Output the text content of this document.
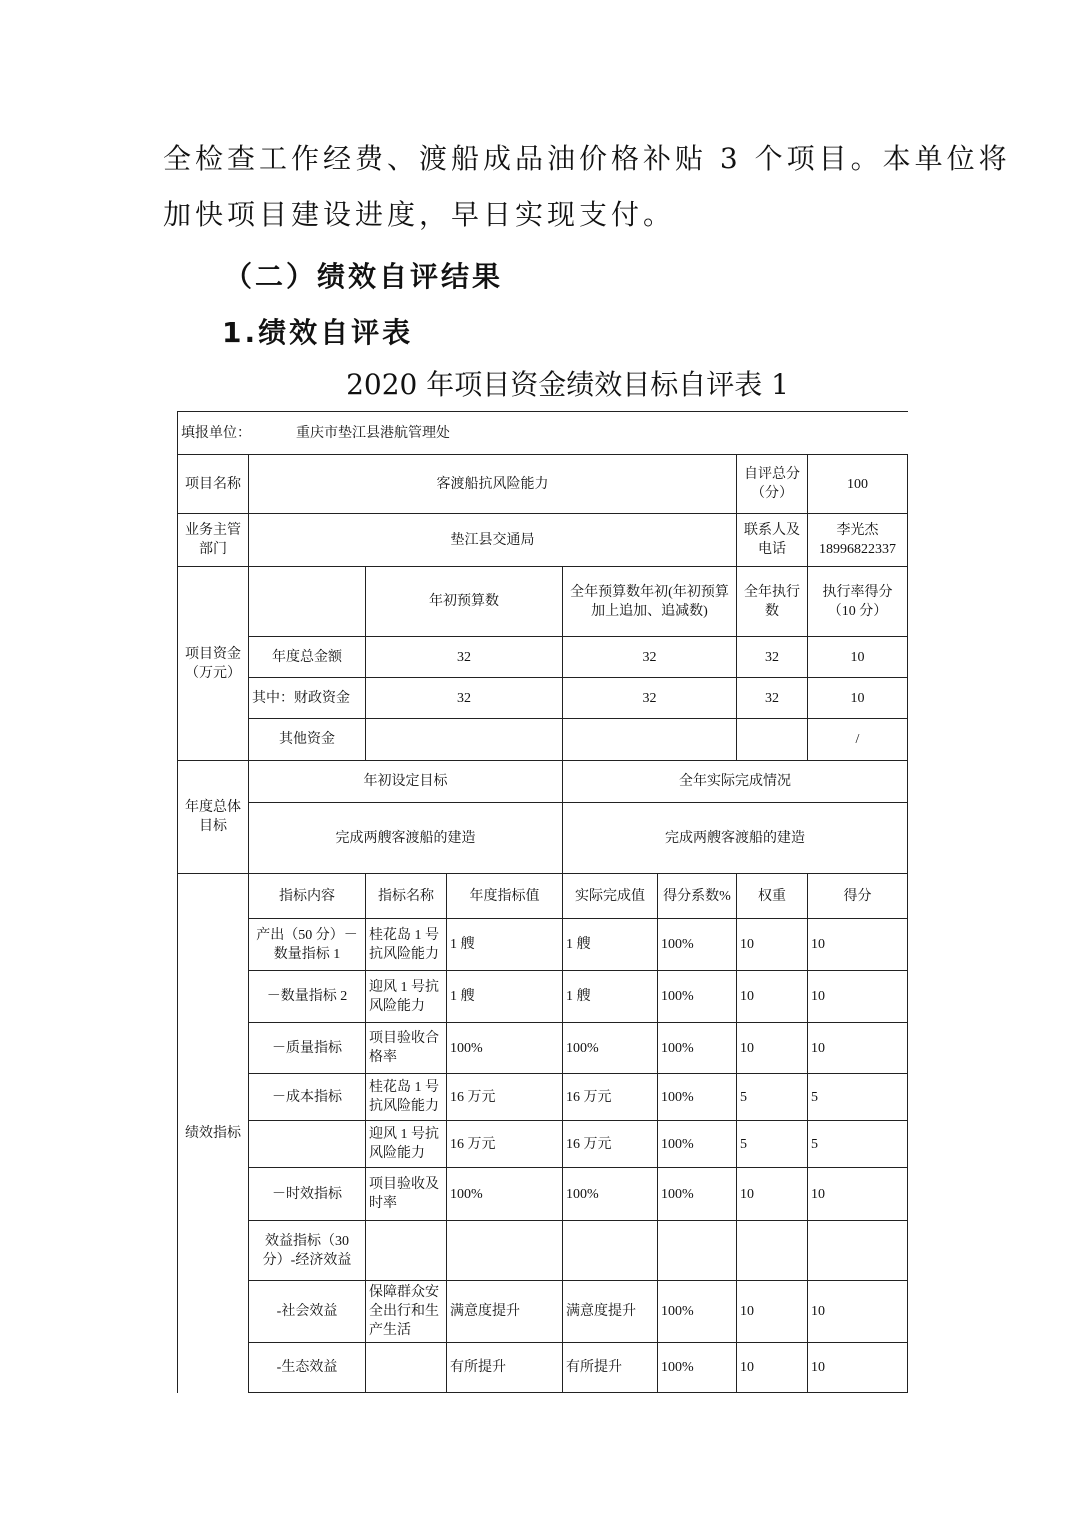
全检查工作经费、渡船成品油价格补贴 3 个项目。本单位将
加快项目建设进度，早日实现支付。
（二）绩效自评结果
1.绩效自评表
2020 年项目资金绩效目标自评表 1
填报单位： 重庆市垫江县港航管理处							
项目名称	客渡船抗风险能力					自评总分（分）	100
业务主管部门	垫江县交通局					联系人及电话	李光杰
18996822337

项目资金（万元）		年初预算数		全年预算数年初(年初预算加上追加、追减数)		全年执行数	执行率得分（10 分）
	年度总金额	32		32		32	10
	其中：财政资金	32		32		32	10
	其他资金						/
年度总体目标	年初设定目标			全年实际完成情况			
	完成两艘客渡船的建造			完成两艘客渡船的建造			
绩效指标	指标内容	指标名称	年度指标值	实际完成值	得分系数%	权重	得分
	产出（50 分）－数量指标 1	桂花岛 1 号抗风险能力	1 艘	1 艘	100%	10	10
	－数量指标 2	迎风 1 号抗风险能力	1 艘	1 艘	100%	10	10
	－质量指标	项目验收合格率	100%	100%	100%	10	10
	－成本指标	桂花岛 1 号抗风险能力	16 万元	16 万元	100%	5	5
		迎风 1 号抗风险能力	16 万元	16 万元	100%	5	5
	－时效指标	项目验收及时率	100%	100%	100%	10	10
	效益指标（30 分）-经济效益						
	-社会效益	保障群众安全出行和生产生活	满意度提升	满意度提升	100%	10	10
	-生态效益		有所提升	有所提升	100%	10	10
